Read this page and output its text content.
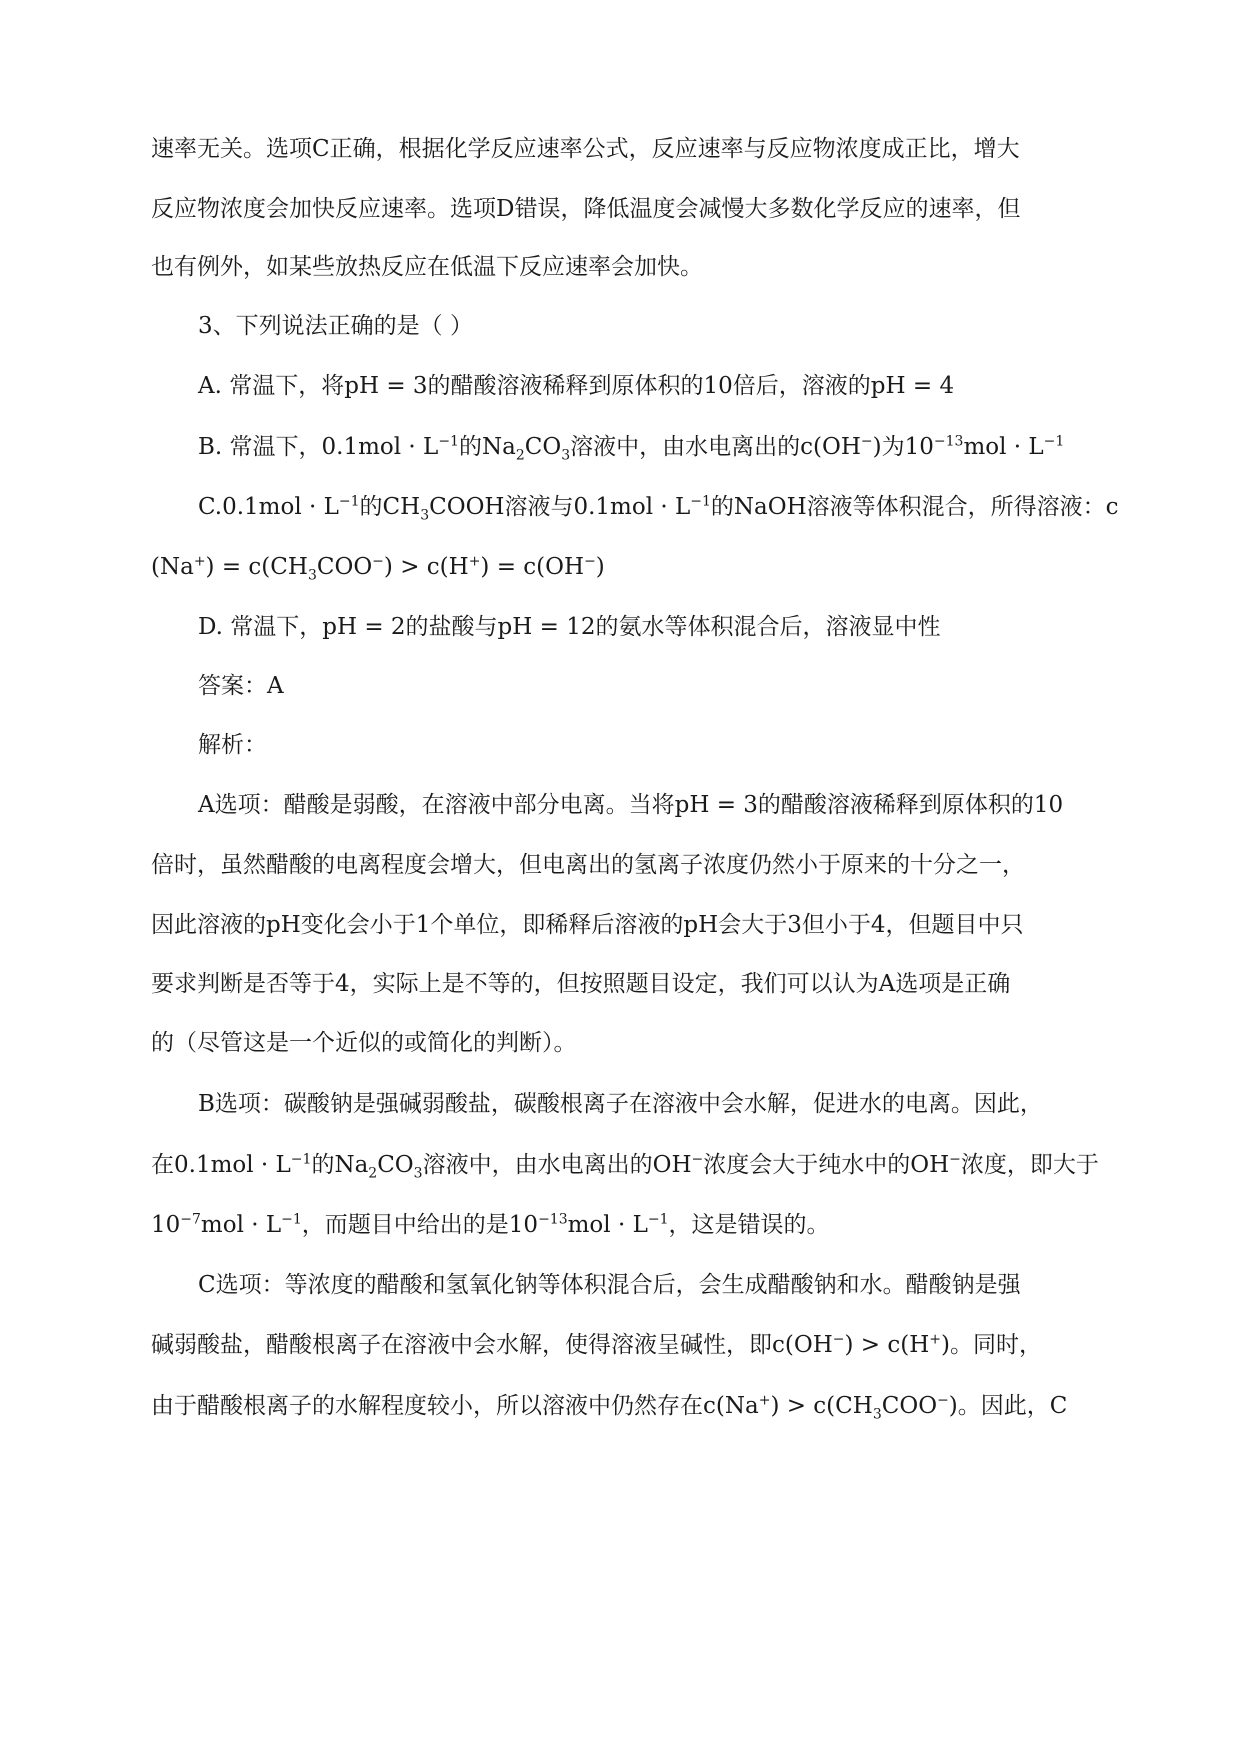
速率无关。选项C正确，根据化学反应速率公式，反应速率与反应物浓度成正比，增大
反应物浓度会加快反应速率。选项D错误，降低温度会减慢大多数化学反应的速率，但
也有例外，如某些放热反应在低温下反应速率会加快。
3、下列说法正确的是（ ）
A. 常温下，将pH = 3的醋酸溶液稀释到原体积的10倍后，溶液的pH = 4
B. 常温下，$0.1mol \cdot L^{-1}$的$Na_2CO_3$溶液中，由水电离出的c(OH−)为$10^{-13}mol \cdot L^{-1}$
$C.0.1mol \cdot L^{-1}$的$CH_3COOH$溶液与$0.1mol \cdot L^{-1}$的NaOH溶液等体积混合，所得溶液：c
$(Na^+) = c(CH_3COO^-) > c(H^+) = c(OH^-)$
D. 常温下，pH = 2的盐酸与pH = 12的氨水等体积混合后，溶液显中性
答案：A
解析：
A选项：醋酸是弱酸，在溶液中部分电离。当将pH = 3的醋酸溶液稀释到原体积的10
倍时，虽然醋酸的电离程度会增大，但电离出的氢离子浓度仍然小于原来的十分之一，
因此溶液的pH变化会小于1个单位，即稀释后溶液的pH会大于3但小于4，但题目中只
要求判断是否等于4，实际上是不等的，但按照题目设定，我们可以认为A选项是正确
的（尽管这是一个近似的或简化的判断）。
B选项：碳酸钠是强碱弱酸盐，碳酸根离子在溶液中会水解，促进水的电离。因此，
在$0.1mol \cdot L^{-1}$的$Na_2CO_3$溶液中，由水电离出的OH−浓度会大于纯水中的OH−浓度，即大于
$10^{-7}mol \cdot L^{-1}$，而题目中给出的是$10^{-13}mol \cdot L^{-1}$，这是错误的。
C选项：等浓度的醋酸和氢氧化钠等体积混合后，会生成醋酸钠和水。醋酸钠是强
碱弱酸盐，醋酸根离子在溶液中会水解，使得溶液呈碱性，即c(OH−) > c(H+)。同时，
由于醋酸根离子的水解程度较小，所以溶液中仍然存在$c(Na^+) > c(CH_3COO^-)$。因此，C
